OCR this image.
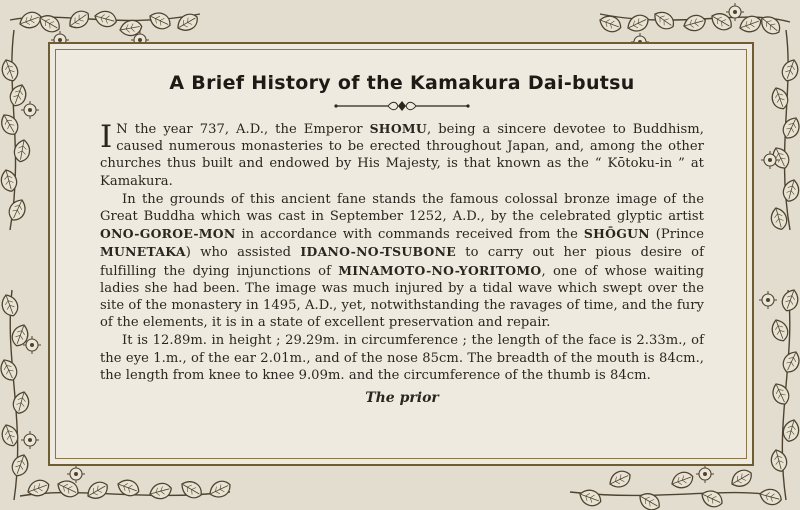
A Brief History of the Kamakura Dai-butsu

I N the year 737, A.D., the Emperor SHOMU, being a sincere devotee to Buddhism, caused numerous monasteries to be erected throughout Japan, and, among the other churches thus built and endowed by His Majesty, is that known as the “ Kōtoku-in ” at Kamakura.

In the grounds of this ancient fane stands the famous colossal bronze image of the Great Buddha which was cast in September 1252, A.D., by the celebrated glyptic artist ONO-GOROE-MON in accordance with commands received from the SHŌGUN (Prince MUNETAKA) who assisted IDANO-NO-TSUBONE to carry out her pious desire of fulfilling the dying injunctions of MINAMOTO-NO-YORITOMO, one of whose waiting ladies she had been. The image was much injured by a tidal wave which swept over the site of the monastery in 1495, A.D., yet, notwithstanding the ravages of time, and the fury of the elements, it is in a state of excellent preservation and repair.

It is 12.89m. in height ; 29.29m. in circumference ; the length of the face is 2.33m., of the eye 1.m., of the ear 2.01m., and of the nose 85cm. The breadth of the mouth is 84cm., the length from knee to knee 9.09m. and the circumference of the thumb is 84cm.

The prior
